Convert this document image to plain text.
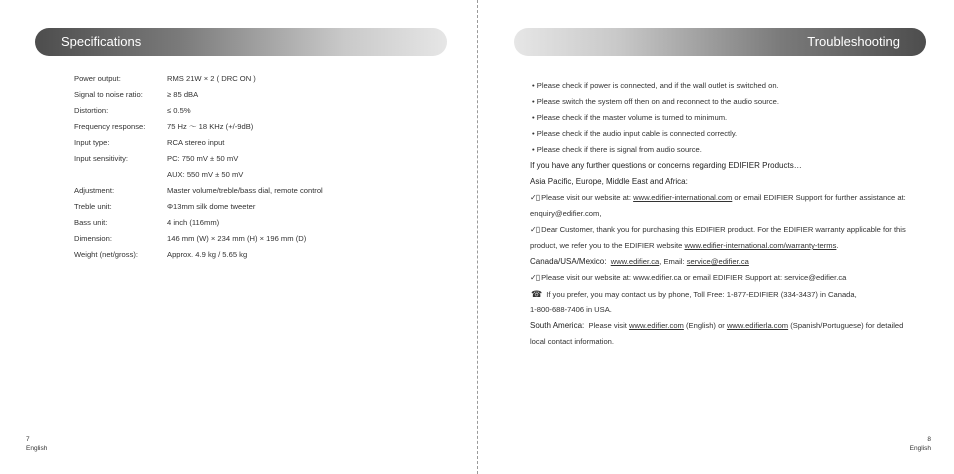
Specifications
Power output:	RMS 21W × 2 ( DRC ON )
Signal to noise ratio:	≥ 85 dBA
Distortion:	≤ 0.5%
Frequency response:	75 Hz ～ 18 KHz (+/-9dB)
Input type:	RCA stereo input
Input sensitivity:	PC: 750 mV ± 50 mV
AUX: 550 mV ± 50 mV
Adjustment:	Master volume/treble/bass dial, remote control
Treble unit:	Φ13mm silk dome tweeter
Bass unit:	4 inch (116mm)
Dimension:	146 mm (W) × 234 mm (H) × 196 mm (D)
Weight (net/gross):	Approx. 4.9 kg / 5.65 kg
7
English
Troubleshooting
• Please check if power is connected, and if the wall outlet is switched on.
• Please switch the system off then on and reconnect to the audio source.
• Please check if the master volume is turned to minimum.
• Please check if the audio input cable is connected correctly.
• Please check if there is signal from audio source.
If you have any further questions or concerns regarding EDIFIER Products…
Asia Pacific, Europe, Middle East and Africa:
✓▯ Please visit our website at: www.edifier-international.com or email EDIFIER Support for further assistance at:
enquiry@edifier.com,
✓▯ Dear Customer, thank you for purchasing this EDIFIER product. For the EDIFIER warranty applicable for this
product, we refer you to the EDIFIER website www.edifier-international.com/warranty-terms.
Canada/USA/Mexico: www.edifier.ca, Email: service@edifier.ca
✓▯ Please visit our website at: www.edifier.ca or email EDIFIER Support at: service@edifier.ca
☎ If you prefer, you may contact us by phone, Toll Free: 1-877-EDIFIER (334-3437) in Canada,
1-800-688-7406 in USA.
South America: Please visit www.edifier.com (English) or www.edifierla.com (Spanish/Portuguese) for detailed
local contact information.
8
English
